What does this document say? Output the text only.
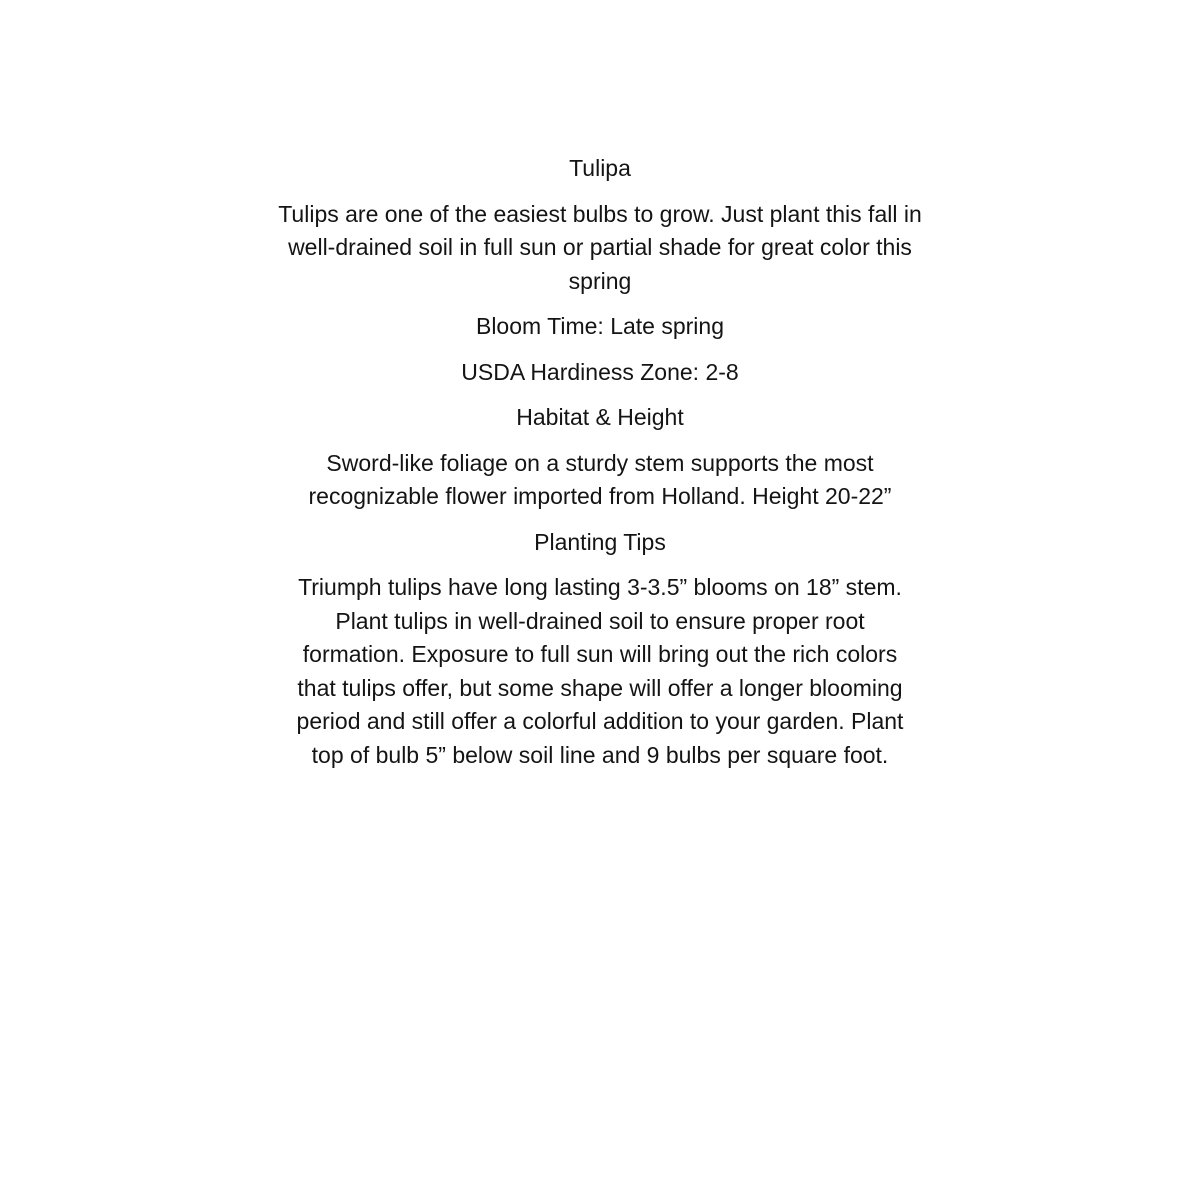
Tulipa

Tulips are one of the easiest bulbs to grow. Just plant this fall in
well-drained soil in full sun or partial shade for great color this
spring

Bloom Time: Late spring

USDA Hardiness Zone: 2-8

Habitat & Height

Sword-like foliage on a sturdy stem supports the most
recognizable flower imported from Holland. Height 20-22”

Planting Tips

Triumph tulips have long lasting 3-3.5” blooms on 18” stem.
Plant tulips in well-drained soil to ensure proper root
formation. Exposure to full sun will bring out the rich colors
that tulips offer, but some shape will offer a longer blooming
period and still offer a colorful addition to your garden. Plant
top of bulb 5” below soil line and 9 bulbs per square foot.
